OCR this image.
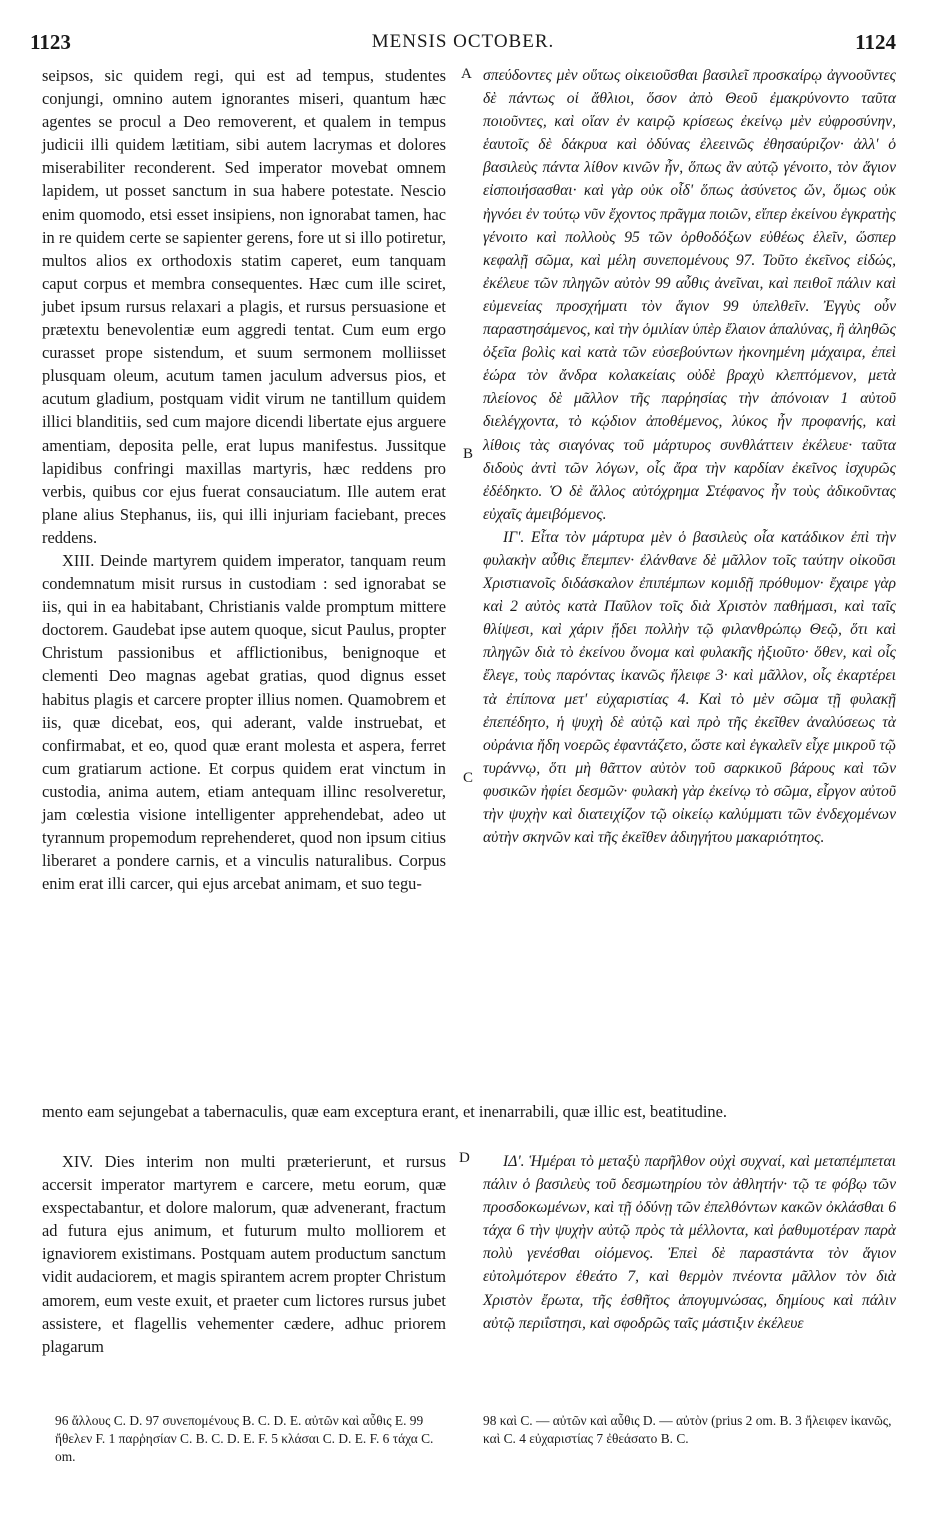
1123	MENSIS OCTOBER.	1124

seipsos, sic quidem regi, qui est ad tempus, studentes conjungi, omnino autem ignorantes miseri, quantum hæc agentes se procul a Deo removerent, et qualem in tempus judicii illi quidem lætitiam, sibi autem lacrymas et dolores miserabiliter reconderent. Sed imperator movebat omnem lapidem, ut posset sanctum in sua habere potestate. Nescio enim quomodo, etsi esset insipiens, non ignorabat tamen, hac in re quidem certe se sapienter gerens, fore ut si illo potiretur, multos alios ex orthodoxis statim caperet, eum tanquam caput corpus et membra consequentes. Hæc cum ille sciret, jubet ipsum rursus relaxari a plagis, et rursus persuasione et prætextu benevolentiæ eum aggredi tentat. Cum eum ergo curasset prope sistendum, et suum sermonem molliisset plusquam oleum, acutum tamen jaculum adversus pios, et acutum gladium, postquam vidit virum ne tantillum quidem illici blanditiis, sed cum majore dicendi libertate ejus arguere amentiam, deposita pelle, erat lupus manifestus. Jussitque lapidibus confringi maxillas martyris, hæc reddens pro verbis, quibus cor ejus fuerat consauciatum. Ille autem erat plane alius Stephanus, iis, qui illi injuriam faciebant, preces reddens.

XIII. Deinde martyrem quidem imperator, tanquam reum condemnatum misit rursus in custodiam : sed ignorabat se iis, qui in ea habitabant, Christianis valde promptum mittere doctorem. Gaudebat ipse autem quoque, sicut Paulus, propter Christum passionibus et afflictionibus, benignoque et clementi Deo magnas agebat gratias, quod dignus esset habitus plagis et carcere propter illius nomen. Quamobrem et iis, quæ dicebat, eos, qui aderant, valde instruebat, et confirmabat, et eo, quod quæ erant molesta et aspera, ferret cum gratiarum actione. Et corpus quidem erat vinctum in custodia, anima autem, etiam antequam illinc resolveretur, jam cœlestia visione intelligenter apprehendebat, adeo ut tyrannum propemodum reprehenderet, quod non ipsum citius liberaret a pondere carnis, et a vinculis naturalibus. Corpus enim erat illi carcer, qui ejus arcebat animam, et suo tegu-

σπεύδοντες μὲν οὕτως οἰκειοῦσθαι βασιλεῖ προσκαίρῳ ἀγνοοῦντες δὲ πάντως οἱ ἄθλιοι, ὅσον ἀπὸ Θεοῦ ἐμακρύνοντο ταῦτα ποιοῦντες, καὶ οἵαν ἐν καιρῷ κρίσεως ἐκείνῳ μὲν εὐφροσύνην, ἑαυτοῖς δὲ δάκρυα καὶ ὀδύνας ἐλεεινῶς ἐθησαύριζον· ἀλλ' ὁ βασιλεὺς πάντα λίθον κινῶν ἦν, ὅπως ἂν αὐτῷ γένοιτο, τὸν ἅγιον εἰσποιήσασθαι· καὶ γὰρ οὐκ οἶδ' ὅπως ἀσύνετος ὤν, ὅμως οὐκ ἠγνόει ἐν τούτῳ νῦν ἔχοντος πρᾶγμα ποιῶν, εἴπερ ἐκείνου ἐγκρατὴς γένοιτο καὶ πολλοὺς 95 τῶν ὀρθοδόξων εὐθέως ἑλεῖν, ὥσπερ κεφαλῇ σῶμα, καὶ μέλη συνεπομένους 97. Τοῦτο ἐκεῖνος εἰδώς, ἐκέλευε τῶν πληγῶν αὐτὸν 99 αὖθις ἀνεῖναι, καὶ πειθοῖ πάλιν καὶ εὐμενείας προσχήματι τὸν ἅγιον 99 ὑπελθεῖν. Ἐγγὺς οὖν παραστησάμενος, καὶ τὴν ὁμιλίαν ὑπὲρ ἔλαιον ἁπαλύνας, ἢ ἀληθῶς ὀξεῖα βολὶς καὶ κατὰ τῶν εὐσεβούντων ἠκονημένη μάχαιρα, ἐπεὶ ἑώρα τὸν ἄνδρα κολακείαις οὐδὲ βραχὺ κλεπτόμενον, μετὰ πλείονος δὲ μᾶλλον τῆς παρῥησίας τὴν ἀπόνοιαν 1 αὐτοῦ διελέγχοντα, τὸ κῴδιον ἀποθέμενος, λύκος ἦν προφανής, καὶ λίθοις τὰς σιαγόνας τοῦ μάρτυρος συνθλάττειν ἐκέλευε· ταῦτα διδοὺς ἀντὶ τῶν λόγων, οἷς ἄρα τὴν καρδίαν ἐκεῖνος ἰσχυρῶς ἐδέδηκτο. Ὁ δὲ ἄλλος αὐτόχρημα Στέφανος ἦν τοὺς ἀδικοῦντας εὐχαῖς ἀμειβόμενος.

ΙΓ'. Εἶτα τὸν μάρτυρα μὲν ὁ βασιλεὺς οἷα κατάδικον ἐπὶ τὴν φυλακὴν αὖθις ἔπεμπεν· ἐλάνθανε δὲ μᾶλλον τοῖς ταύτην οἰκοῦσι Χριστιανοῖς διδάσκαλον ἐπιπέμπων κομιδῇ πρόθυμον· ἔχαιρε γὰρ καὶ 2 αὐτὸς κατὰ Παῦλον τοῖς διὰ Χριστὸν παθήμασι, καὶ ταῖς θλίψεσι, καὶ χάριν ᾔδει πολλὴν τῷ φιλανθρώπῳ Θεῷ, ὅτι καὶ πληγῶν διὰ τὸ ἐκείνου ὄνομα καὶ φυλακῆς ἠξιοῦτο· ὅθεν, καὶ οἷς ἔλεγε, τοὺς παρόντας ἱκανῶς ἤλειφε 3· καὶ μᾶλλον, οἷς ἐκαρτέρει τὰ ἐπίπονα μετ' εὐχαριστίας 4. Καὶ τὸ μὲν σῶμα τῇ φυλακῇ ἐπεπέδητο, ἡ ψυχὴ δὲ αὐτῷ καὶ πρὸ τῆς ἐκεῖθεν ἀναλύσεως τὰ οὐράνια ἤδη νοερῶς ἐφαντάζετο, ὥστε καὶ ἐγκαλεῖν εἶχε μικροῦ τῷ τυράννῳ, ὅτι μὴ θᾶττον αὐτὸν τοῦ σαρκικοῦ βάρους καὶ τῶν φυσικῶν ἠφίει δεσμῶν· φυλακὴ γὰρ ἐκείνῳ τὸ σῶμα, εἶργον αὐτοῦ τὴν ψυχὴν καὶ διατειχίζον τῷ οἰκείῳ καλύμματι τῶν ἐνδεχομένων αὐτὴν σκηνῶν καὶ τῆς ἐκεῖθεν ἀδιηγήτου μακαριότητος.

A
B
C
D
mento eam sejungebat a tabernaculis, quæ eam exceptura erant, et inenarrabili, quæ illic est, beatitudine.

XIV. Dies interim non multi præterierunt, et rursus accersit imperator martyrem e carcere, metu eorum, quæ exspectabantur, et dolore malorum, quæ advenerant, fractum ad futura ejus animum, et futurum multo molliorem et ignaviorem existimans. Postquam autem productum sanctum vidit audaciorem, et magis spirantem acrem propter Christum amorem, eum veste exuit, et praeter cum lictores rursus jubet assistere, et flagellis vehementer cædere, adhuc priorem plagarum

ΙΔ'. Ἡμέραι τὸ μεταξὺ παρῆλθον οὐχὶ συχναί, καὶ μεταπέμπεται πάλιν ὁ βασιλεὺς τοῦ δεσμωτηρίου τὸν ἀθλητήν· τῷ τε φόβῳ τῶν προσδοκωμένων, καὶ τῇ ὀδύνῃ τῶν ἐπελθόντων κακῶν ὀκλάσθαι 6 τάχα 6 τὴν ψυχὴν αὐτῷ πρὸς τὰ μέλλοντα, καὶ ῥαθυμοτέραν παρὰ πολὺ γενέσθαι οἰόμενος. Ἐπεὶ δὲ παραστάντα τὸν ἅγιον εὐτολμότερον ἐθεάτο 7, καὶ θερμὸν πνέοντα μᾶλλον τὸν διὰ Χριστὸν ἔρωτα, τῆς ἐσθῆτος ἀπογυμνώσας, δημίους καὶ πάλιν αὐτῷ περιΐστησι, καὶ σφοδρῶς ταῖς μάστιξιν ἐκέλευε

96 ἄλλους C. D. 97 συνεπομένους B. C. D. E. αὐτῶν καὶ αὖθις E. 99 ἤθελεν F. 1 παρῥησίαν C. B. C. D. E. F. 5 κλάσαι C. D. E. F. 6 τάχα C. om.
98 καὶ C. — αὐτῶν καὶ αὖθις D. — αὐτὸν (prius 2 om. B. 3 ἤλειφεν ἱκανῶς, καὶ C. 4 εὐχαριστίας 7 ἐθεάσατο B. C.
